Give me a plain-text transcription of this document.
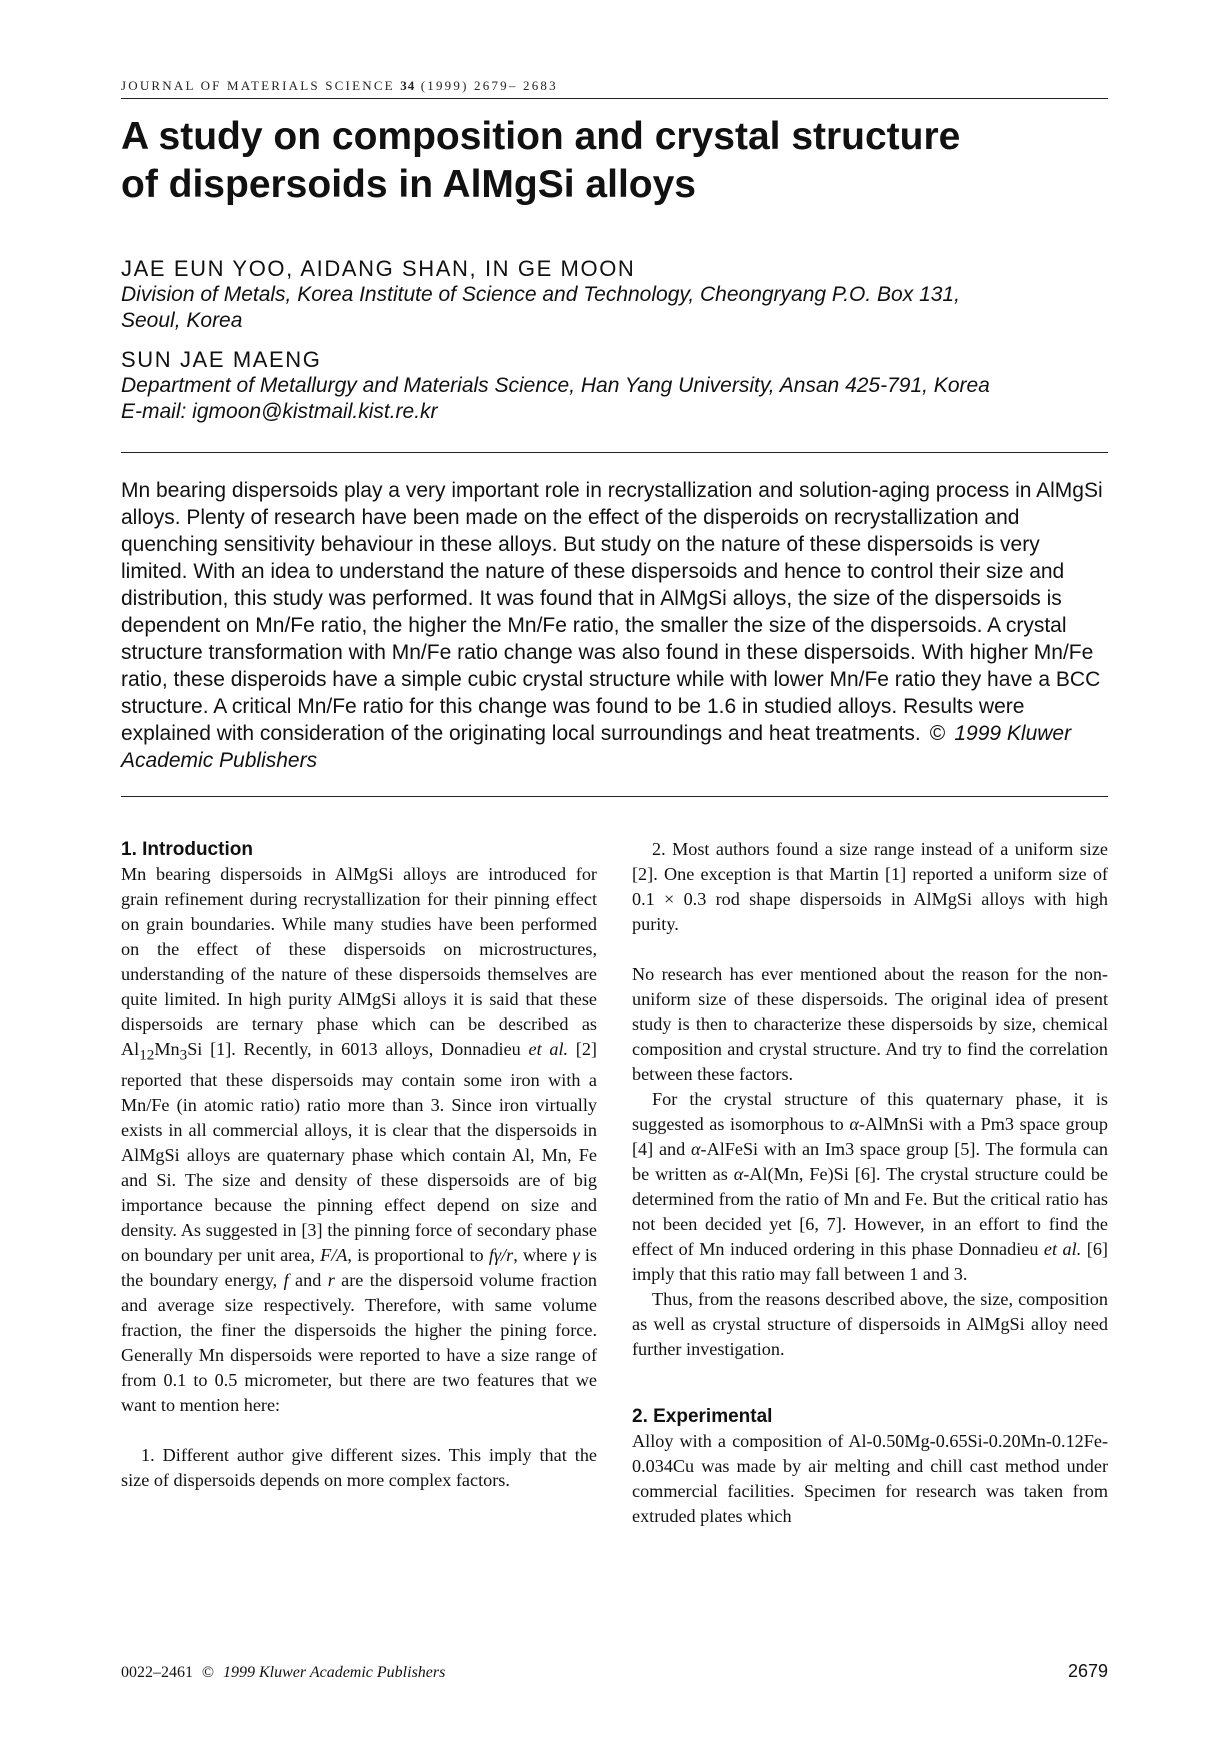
JOURNAL OF MATERIALS SCIENCE 34 (1999) 2679– 2683
A study on composition and crystal structure
of dispersoids in AlMgSi alloys
JAE EUN YOO, AIDANG SHAN, IN GE MOON
Division of Metals, Korea Institute of Science and Technology, Cheongryang P.O. Box 131,
Seoul, Korea
SUN JAE MAENG
Department of Metallurgy and Materials Science, Han Yang University, Ansan 425-791, Korea
E-mail: igmoon@kistmail.kist.re.kr
Mn bearing dispersoids play a very important role in recrystallization and solution-aging process in AlMgSi alloys. Plenty of research have been made on the effect of the disperoids on recrystallization and quenching sensitivity behaviour in these alloys. But study on the nature of these dispersoids is very limited. With an idea to understand the nature of these dispersoids and hence to control their size and distribution, this study was performed. It was found that in AlMgSi alloys, the size of the dispersoids is dependent on Mn/Fe ratio, the higher the Mn/Fe ratio, the smaller the size of the dispersoids. A crystal structure transformation with Mn/Fe ratio change was also found in these dispersoids. With higher Mn/Fe ratio, these disperoids have a simple cubic crystal structure while with lower Mn/Fe ratio they have a BCC structure. A critical Mn/Fe ratio for this change was found to be 1.6 in studied alloys. Results were explained with consideration of the originating local surroundings and heat treatments. © 1999 Kluwer Academic Publishers
1. Introduction

Mn bearing dispersoids in AlMgSi alloys are introduced for grain refinement during recrystallization for their pinning effect on grain boundaries. While many studies have been performed on the effect of these dispersoids on microstructures, understanding of the nature of these dispersoids themselves are quite limited. In high purity AlMgSi alloys it is said that these dispersoids are ternary phase which can be described as $Al_{12}Mn_3Si$ [1]. Recently, in 6013 alloys, Donnadieu et al. [2] reported that these dispersoids may contain some iron with a Mn/Fe (in atomic ratio) ratio more than 3. Since iron virtually exists in all commercial alloys, it is clear that the dispersoids in AlMgSi alloys are quaternary phase which contain Al, Mn, Fe and Si. The size and density of these dispersoids are of big importance because the pinning effect depend on size and density. As suggested in [3] the pinning force of secondary phase on boundary per unit area, F/A, is proportional to fγ/r, where γ is the boundary energy, f and r are the dispersoid volume fraction and average size respectively. Therefore, with same volume fraction, the finer the dispersoids the higher the pining force. Generally Mn dispersoids were reported to have a size range of from 0.1 to 0.5 micrometer, but there are two features that we want to mention here:

1. Different author give different sizes. This imply that the size of dispersoids depends on more complex factors.

2. Most authors found a size range instead of a uniform size [2]. One exception is that Martin [1] reported a uniform size of 0.1 × 0.3 rod shape dispersoids in AlMgSi alloys with high purity.

No research has ever mentioned about the reason for the non-uniform size of these dispersoids. The original idea of present study is then to characterize these dispersoids by size, chemical composition and crystal structure. And try to find the correlation between these factors.

For the crystal structure of this quaternary phase, it is suggested as isomorphous to α-AlMnSi with a Pm3 space group [4] and α-AlFeSi with an Im3 space group [5]. The formula can be written as α-Al(Mn, Fe)Si [6]. The crystal structure could be determined from the ratio of Mn and Fe. But the critical ratio has not been decided yet [6, 7]. However, in an effort to find the effect of Mn induced ordering in this phase Donnadieu et al. [6] imply that this ratio may fall between 1 and 3.

Thus, from the reasons described above, the size, composition as well as crystal structure of dispersoids in AlMgSi alloy need further investigation.

2. Experimental

Alloy with a composition of Al-0.50Mg-0.65Si-0.20Mn-0.12Fe-0.034Cu was made by air melting and chill cast method under commercial facilities. Specimen for research was taken from extruded plates which

0022–2461 © 1999 Kluwer Academic Publishers	2679
